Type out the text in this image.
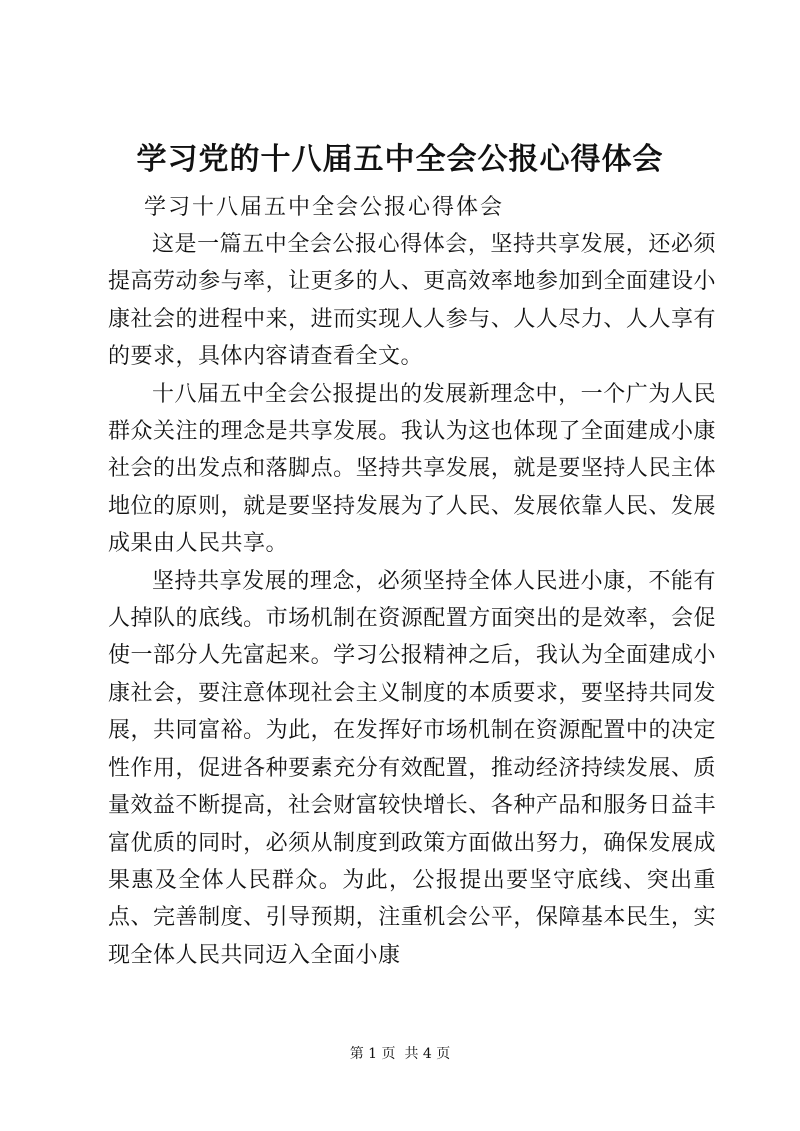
学习党的十八届五中全会公报心得体会
学习十八届五中全会公报心得体会

这是一篇五中全会公报心得体会，坚持共享发展，还必须提高劳动参与率，让更多的人、更高效率地参加到全面建设小康社会的进程中来，进而实现人人参与、人人尽力、人人享有的要求，具体内容请查看全文。

十八届五中全会公报提出的发展新理念中，一个广为人民群众关注的理念是共享发展。我认为这也体现了全面建成小康社会的出发点和落脚点。坚持共享发展，就是要坚持人民主体地位的原则，就是要坚持发展为了人民、发展依靠人民、发展成果由人民共享。

坚持共享发展的理念，必须坚持全体人民进小康，不能有人掉队的底线。市场机制在资源配置方面突出的是效率，会促使一部分人先富起来。学习公报精神之后，我认为全面建成小康社会，要注意体现社会主义制度的本质要求，要坚持共同发展，共同富裕。为此，在发挥好市场机制在资源配置中的决定性作用，促进各种要素充分有效配置，推动经济持续发展、质量效益不断提高，社会财富较快增长、各种产品和服务日益丰富优质的同时，必须从制度到政策方面做出努力，确保发展成果惠及全体人民群众。为此，公报提出要坚守底线、突出重点、完善制度、引导预期，注重机会公平，保障基本民生，实现全体人民共同迈入全面小康

第 1 页  共 4 页
